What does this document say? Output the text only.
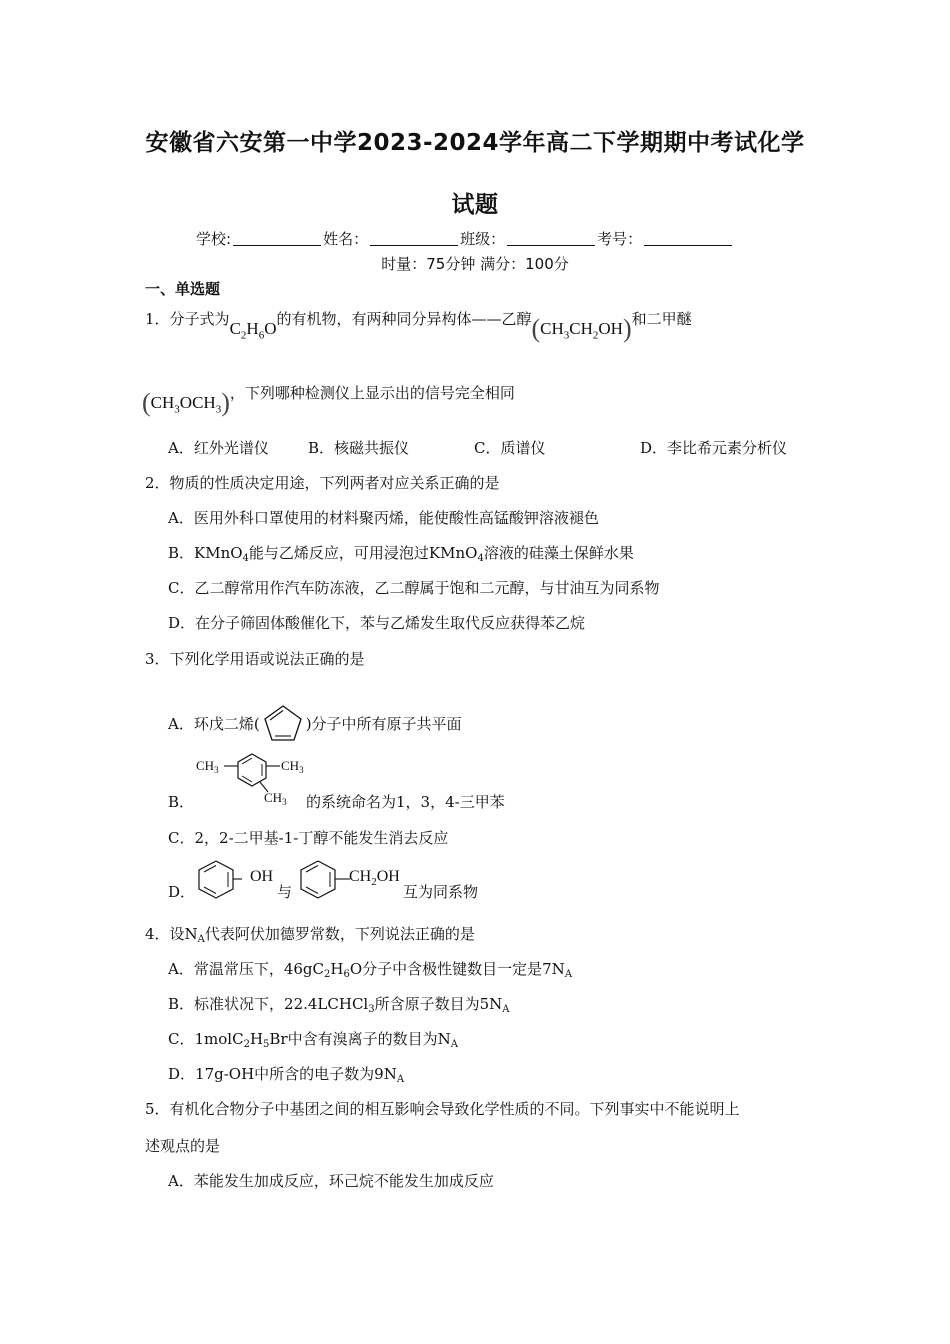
安徽省六安第一中学2023-2024学年高二下学期期中考试化学
试题
学校:	姓名：	班级：	考号：
时量：75分钟 满分：100分
一、单选题
1．分子式为$C_2H_6O$的有机物，有两种同分异构体——乙醇$(CH_3CH_2OH)$和二甲醚
$(CH_3OCH_3)$，下列哪种检测仪上显示出的信号完全相同
A．红外光谱仪	B．核磁共振仪	C．质谱仪	D．李比希元素分析仪
2．物质的性质决定用途，下列两者对应关系正确的是
A．医用外科口罩使用的材料聚丙烯，能使酸性高锰酸钾溶液褪色
B．KMnO$_4$能与乙烯反应，可用浸泡过KMnO$_4$溶液的硅藻土保鲜水果
C．乙二醇常用作汽车防冻液，乙二醇属于饱和二元醇，与甘油互为同系物
D．在分子筛固体酸催化下，苯与乙烯发生取代反应获得苯乙烷
3．下列化学用语或说法正确的是
A．环戊二烯(	)分子中所有原子共平面
B．
$CH_3$	$CH_3$
$CH_3$ 的系统命名为1，3，4-三甲苯
C．2，2-二甲基-1-丁醇不能发生消去反应
D．
OH
与
$CH_2OH$
互为同系物
4．设$N_A$代表阿伏加德罗常数，下列说法正确的是
A．常温常压下，$46gC_2H_6O$分子中含极性键数目一定是$7N_A$
B．标准状况下，22.4LCHCl$_3$所含原子数目为$5N_A$
C．$1molC_2H_5Br$中含有溴离子的数目为$N_A$
D．17g-OH中所含的电子数为$9N_A$
5．有机化合物分子中基团之间的相互影响会导致化学性质的不同。下列事实中不能说明上
述观点的是
A．苯能发生加成反应，环己烷不能发生加成反应
